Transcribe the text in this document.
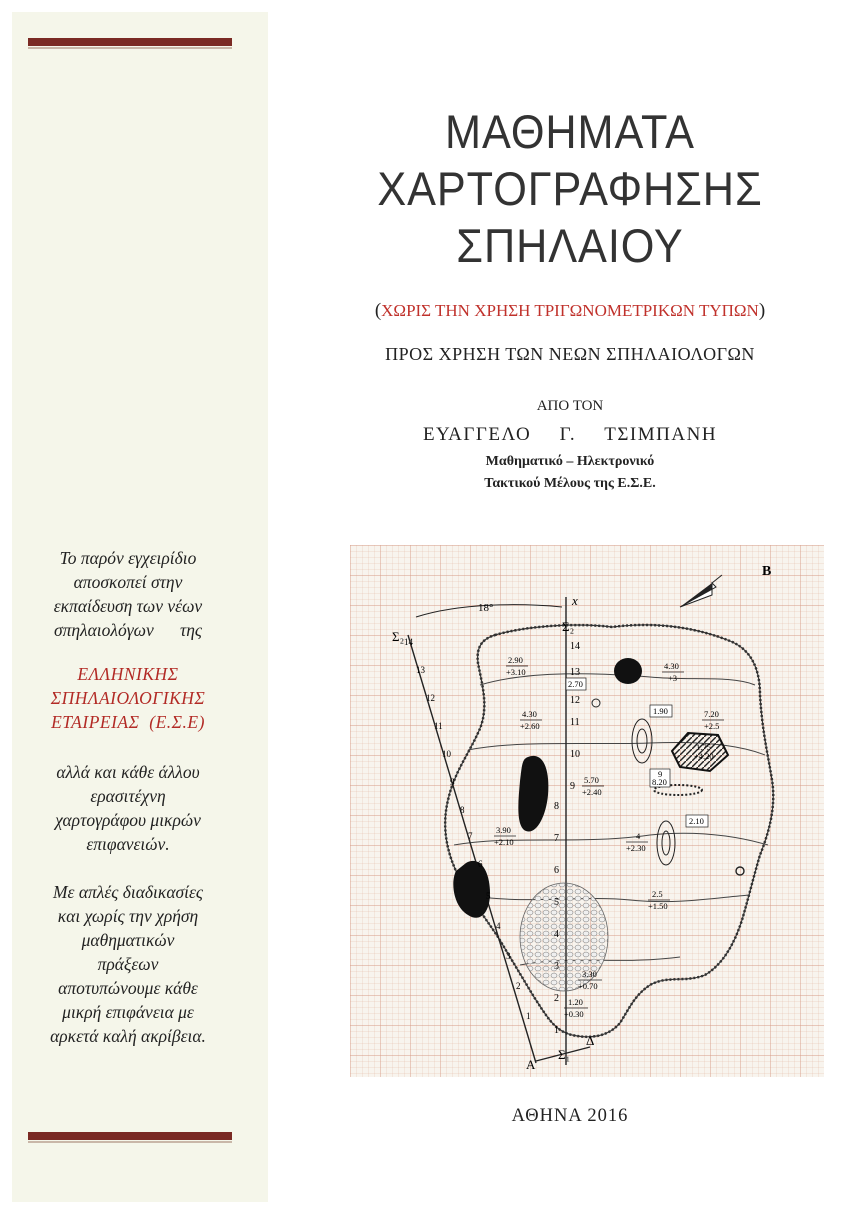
Το παρόν εγχειρίδιο
αποσκοπεί στην
εκπαίδευση των νέων
σπηλαιολόγων      της
ΕΛΛΗΝΙΚΗΣ
ΣΠΗΛΑΙΟΛΟΓΙΚΗΣ
ΕΤΑΙΡΕΙΑΣ  (Ε.Σ.Ε)
αλλά και κάθε άλλου
ερασιτέχνη
χαρτογράφου μικρών
επιφανειών.
Με απλές διαδικασίες
και χωρίς την χρήση
μαθηματικών
πράξεων
αποτυπώνουμε κάθε
μικρή επιφάνεια με
αρκετά καλή ακρίβεια.
ΜΑΘΗΜΑΤΑ
ΧΑΡΤΟΓΡΑΦΗΣΗΣ
ΣΠΗΛΑΙΟΥ
(ΧΩΡΙΣ ΤΗΝ ΧΡΗΣΗ ΤΡΙΓΩΝΟΜΕΤΡΙΚΩΝ ΤΥΠΩΝ)
ΠΡΟΣ ΧΡΗΣΗ ΤΩΝ ΝΕΩΝ ΣΠΗΛΑΙΟΛΟΓΩΝ
ΑΠΟ ΤΟΝ
ΕΥΑΓΓΕΛΟ  Γ.  ΤΣΙΜΠΑΝΗ
Μαθηματικό – Ηλεκτρονικό
Τακτικού Μέλους της Ε.Σ.Ε.
18°	x
Σ₂
Σ₂
Σ₁
Α
Δ
Β
1
2
3
4
5
6
7
8
9
10
11
12
13
14
1
2
3
4
5
6
7
8
9
10
11
12
13
14
2.90
+3.10
2.70
4.30
+3
4.30
+2.60
1.90	7.20
+2.5
1.75
+4.20
5.70
+2.40
9
8.20
2.10
3.90
+2.10
4
+2.30
2.5
+1.50
3.30
+0.70
1.20
+0.30
ΑΘΗΝΑ 2016
